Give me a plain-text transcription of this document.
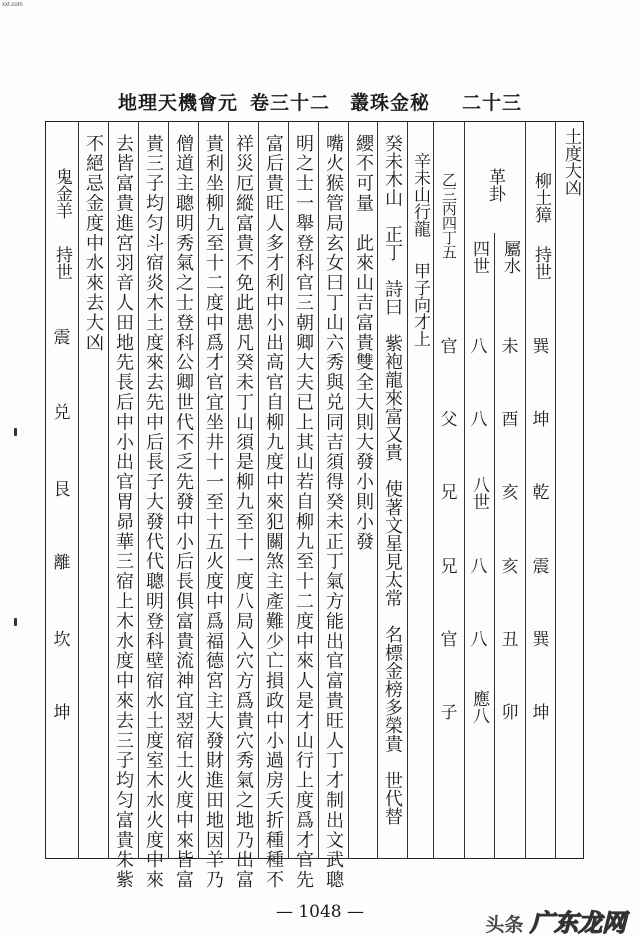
xxt.com
地理天機會元 卷三十二 叢珠金秘 二十三
土度大凶
柳土獐
持世
巽
坤
乾
震
巽
坤
革卦
屬水
四世
未
酉
亥
亥
丑
卯
八
八
八世
八
八
應八
乙三丙四丁五
官
父
兄
兄
官
子
辛未山行龍
甲子向才上
癸未木山　正丁　詩曰　紫袍龍來富又貴　使著文星見太常　名標金榜多榮貴　世代替
纓不可量　此來山吉富貴雙全大則大發小則小發
嘴火猴管局玄女曰丁山六秀與兑同吉須得癸未正丁氣方能出官富貴旺人丁才制出文武聰
明之士一舉登科官三朝卿大夫已上其山若自柳九至十二度中來人是才山行上度爲才官先
富后貴旺人多才利中小出高官自柳九度中來犯關煞主產難少亡損政中小過房夭折種種不
祥災厄縱富貴不免此患凡癸未丁山須是柳九至十一度八局入穴方爲貴穴秀氣之地乃出富
貴利坐柳九至十二度中爲才官宜坐井十一至十五火度中爲福德宮主大發財進田地因羊乃
僧道主聰明秀氣之士登科公卿世代不乏先發中小后長俱富貴流神宜翌宿土火度中來皆富
貴三子均匀斗宿炎木土度來去先中后長子大發代代聰明登科壁宿水土度室木水火度中來
去皆富貴進宮羽音人田地先長后中小出官胃昴華三宿上木水度中來去三子均匀富貴朱紫
不絕忌金度中水來去大凶
鬼金羊
持世
震
兑
艮
離
坎
坤
— 1048 —
头条 广东龙网
